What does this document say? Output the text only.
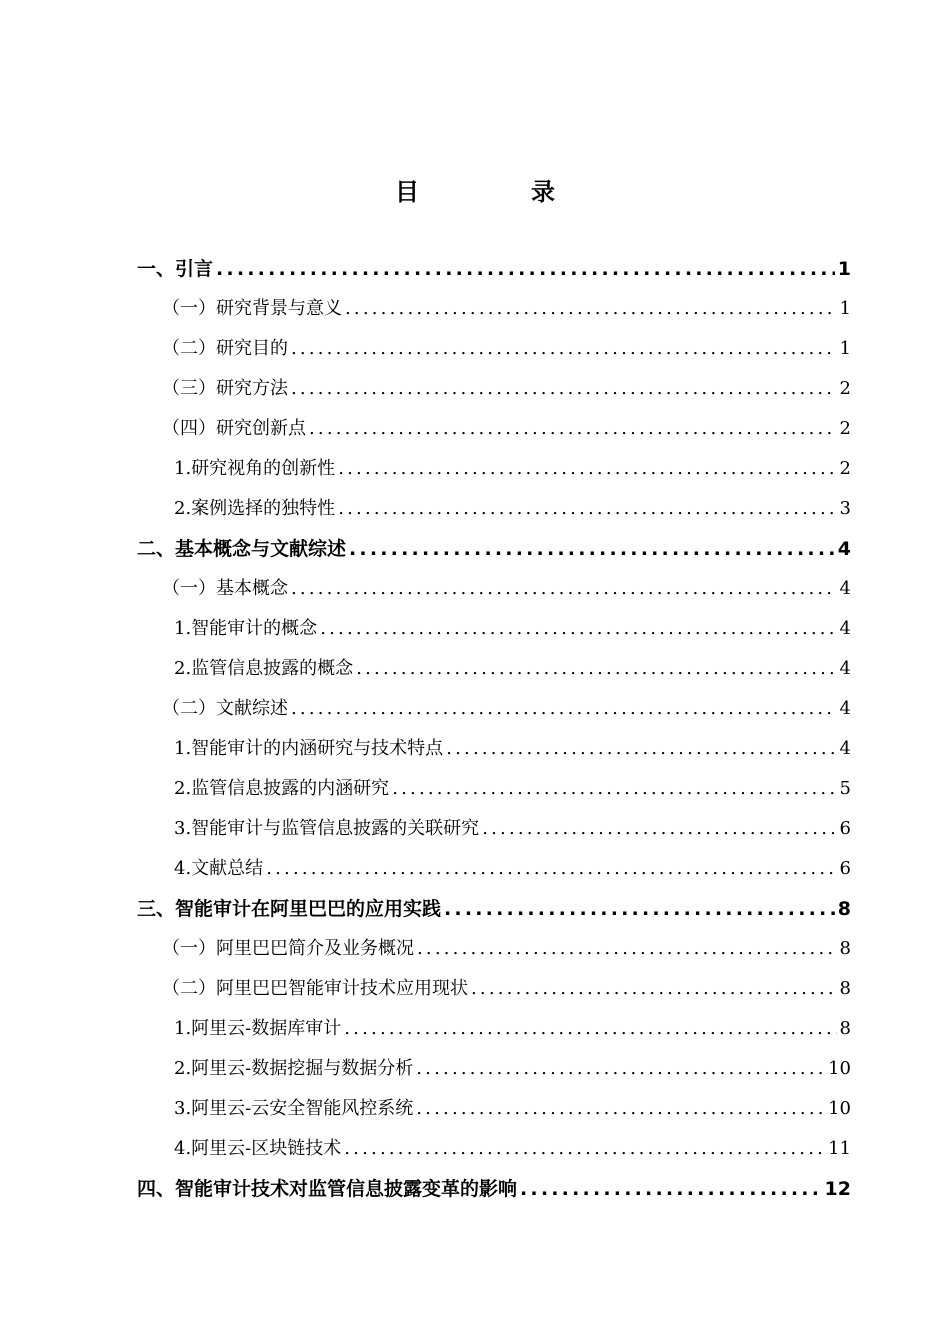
目　录
一、引言 .....	1
（一）研究背景与意义 .....	1
（二）研究目的 .....	1
（三）研究方法 .....	2
（四）研究创新点 .....	2
1.研究视角的创新性 .....	2
2.案例选择的独特性 .....	3
二、基本概念与文献综述 .....	4
（一）基本概念 .....	4
1.智能审计的概念 .....	4
2.监管信息披露的概念 .....	4
（二）文献综述 .....	4
1.智能审计的内涵研究与技术特点 .....	4
2.监管信息披露的内涵研究 .....	5
3.智能审计与监管信息披露的关联研究 .....	6
4.文献总结 .....	6
三、智能审计在阿里巴巴的应用实践 .....	8
（一）阿里巴巴简介及业务概况 .....	8
（二）阿里巴巴智能审计技术应用现状 .....	8
1.阿里云-数据库审计 .....	8
2.阿里云-数据挖掘与数据分析 .....	10
3.阿里云-云安全智能风控系统 .....	10
4.阿里云-区块链技术 .....	11
四、智能审计技术对监管信息披露变革的影响 .....	12
